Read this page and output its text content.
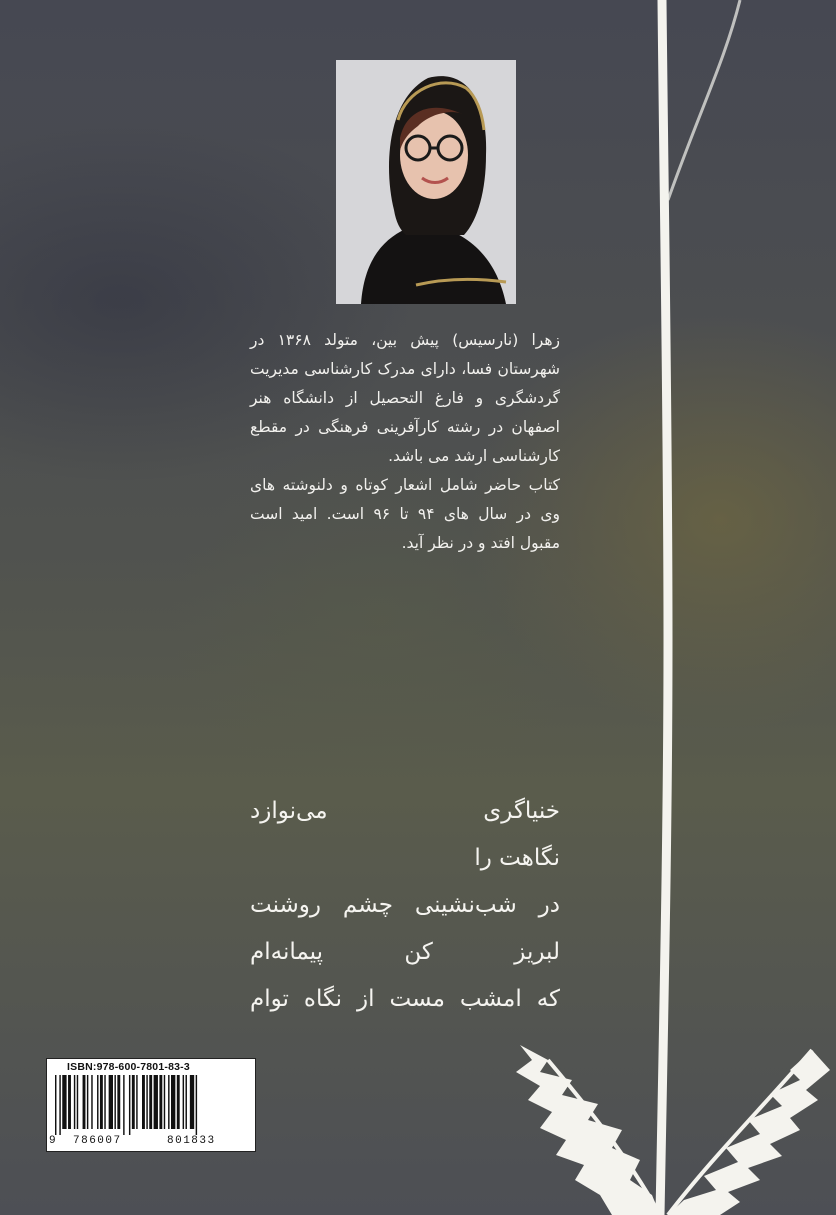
زهرا (نارسیس) پیش بین، متولد ۱۳۶۸ در شهرستان فسا، دارای مدرک کارشناسی مدیریت گردشگری و فارغ التحصیل از دانشگاه هنر اصفهان در رشته کارآفرینی فرهنگی در مقطع کارشناسی ارشد می باشد.

کتاب حاضر شامل اشعار کوتاه و دلنوشته های وی در سال های ۹۴ تا ۹۶ است. امید است مقبول افتد و در نظر آید.

خنیاگری می‌نوازد
نگاهت را
در شب‌نشینی چشم روشنت
لبریز کن پیمانه‌ام
که امشب مست از نگاه توام
ISBN:978-600-7801-83-3
9 786007	801833
